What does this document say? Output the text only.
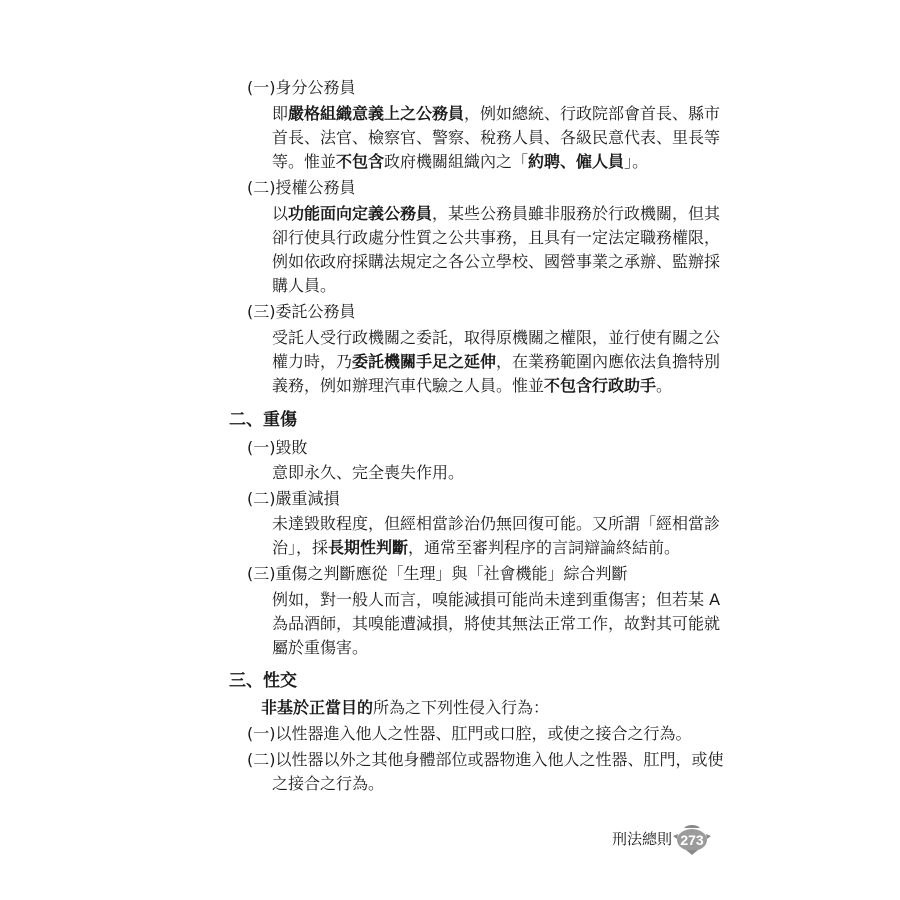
(一)身分公務員
即嚴格組織意義上之公務員，例如總統、行政院部會首長、縣市
首長、法官、檢察官、警察、稅務人員、各級民意代表、里長等
等。惟並不包含政府機關組織內之「約聘、僱人員」。
(二)授權公務員
以功能面向定義公務員，某些公務員雖非服務於行政機關，但其
卻行使具行政處分性質之公共事務，且具有一定法定職務權限，
例如依政府採購法規定之各公立學校、國營事業之承辦、監辦採
購人員。
(三)委託公務員
受託人受行政機關之委託，取得原機關之權限，並行使有關之公
權力時，乃委託機關手足之延伸，在業務範圍內應依法負擔特別
義務，例如辦理汽車代驗之人員。惟並不包含行政助手。
二、重傷
(一)毀敗
意即永久、完全喪失作用。
(二)嚴重減損
未達毀敗程度，但經相當診治仍無回復可能。又所謂「經相當診
治」，採長期性判斷，通常至審判程序的言詞辯論終結前。
(三)重傷之判斷應從「生理」與「社會機能」綜合判斷
例如，對一般人而言，嗅能減損可能尚未達到重傷害；但若某 A
為品酒師，其嗅能遭減損，將使其無法正常工作，故對其可能就
屬於重傷害。
三、性交
非基於正當目的所為之下列性侵入行為：
(一)以性器進入他人之性器、肛門或口腔，或使之接合之行為。
(二)以性器以外之其他身體部位或器物進入他人之性器、肛門，或使
之接合之行為。
刑法總則 273
